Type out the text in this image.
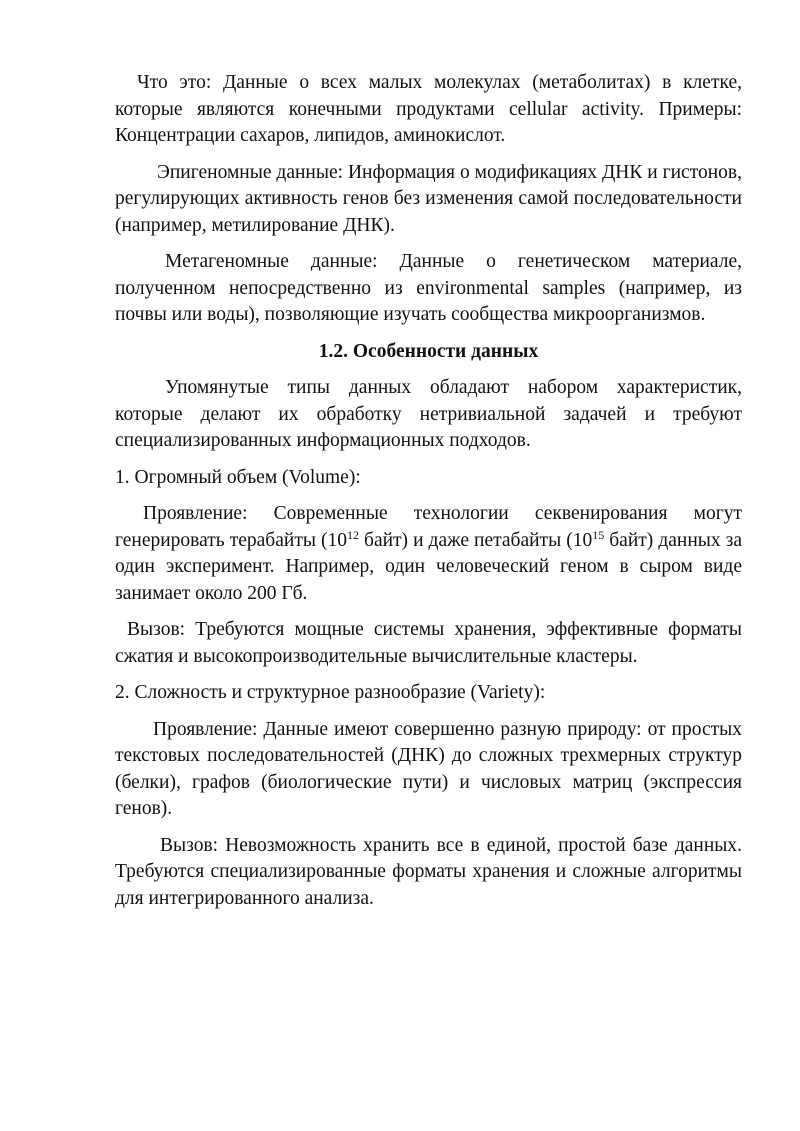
Что это: Данные о всех малых молекулах (метаболитах) в клетке, которые являются конечными продуктами cellular activity. Примеры: Концентрации сахаров, липидов, аминокислот.

Эпигеномные данные: Информация о модификациях ДНК и гистонов, регулирующих активность генов без изменения самой последовательности (например, метилирование ДНК).

Метагеномные данные: Данные о генетическом материале, полученном непосредственно из environmental samples (например, из почвы или воды), позволяющие изучать сообщества микроорганизмов.

1.2. Особенности данных

Упомянутые типы данных обладают набором характеристик, которые делают их обработку нетривиальной задачей и требуют специализированных информационных подходов.

1. Огромный объем (Volume):

Проявление: Современные технологии секвенирования могут генерировать терабайты ($10^{12}$ байт) и даже петабайты ($10^{15}$ байт) данных за один эксперимент. Например, один человеческий геном в сыром виде занимает около 200 Гб.

Вызов: Требуются мощные системы хранения, эффективные форматы сжатия и высокопроизводительные вычислительные кластеры.

2. Сложность и структурное разнообразие (Variety):

Проявление: Данные имеют совершенно разную природу: от простых текстовых последовательностей (ДНК) до сложных трехмерных структур (белки), графов (биологические пути) и числовых матриц (экспрессия генов).

Вызов: Невозможность хранить все в единой, простой базе данных. Требуются специализированные форматы хранения и сложные алгоритмы для интегрированного анализа.
